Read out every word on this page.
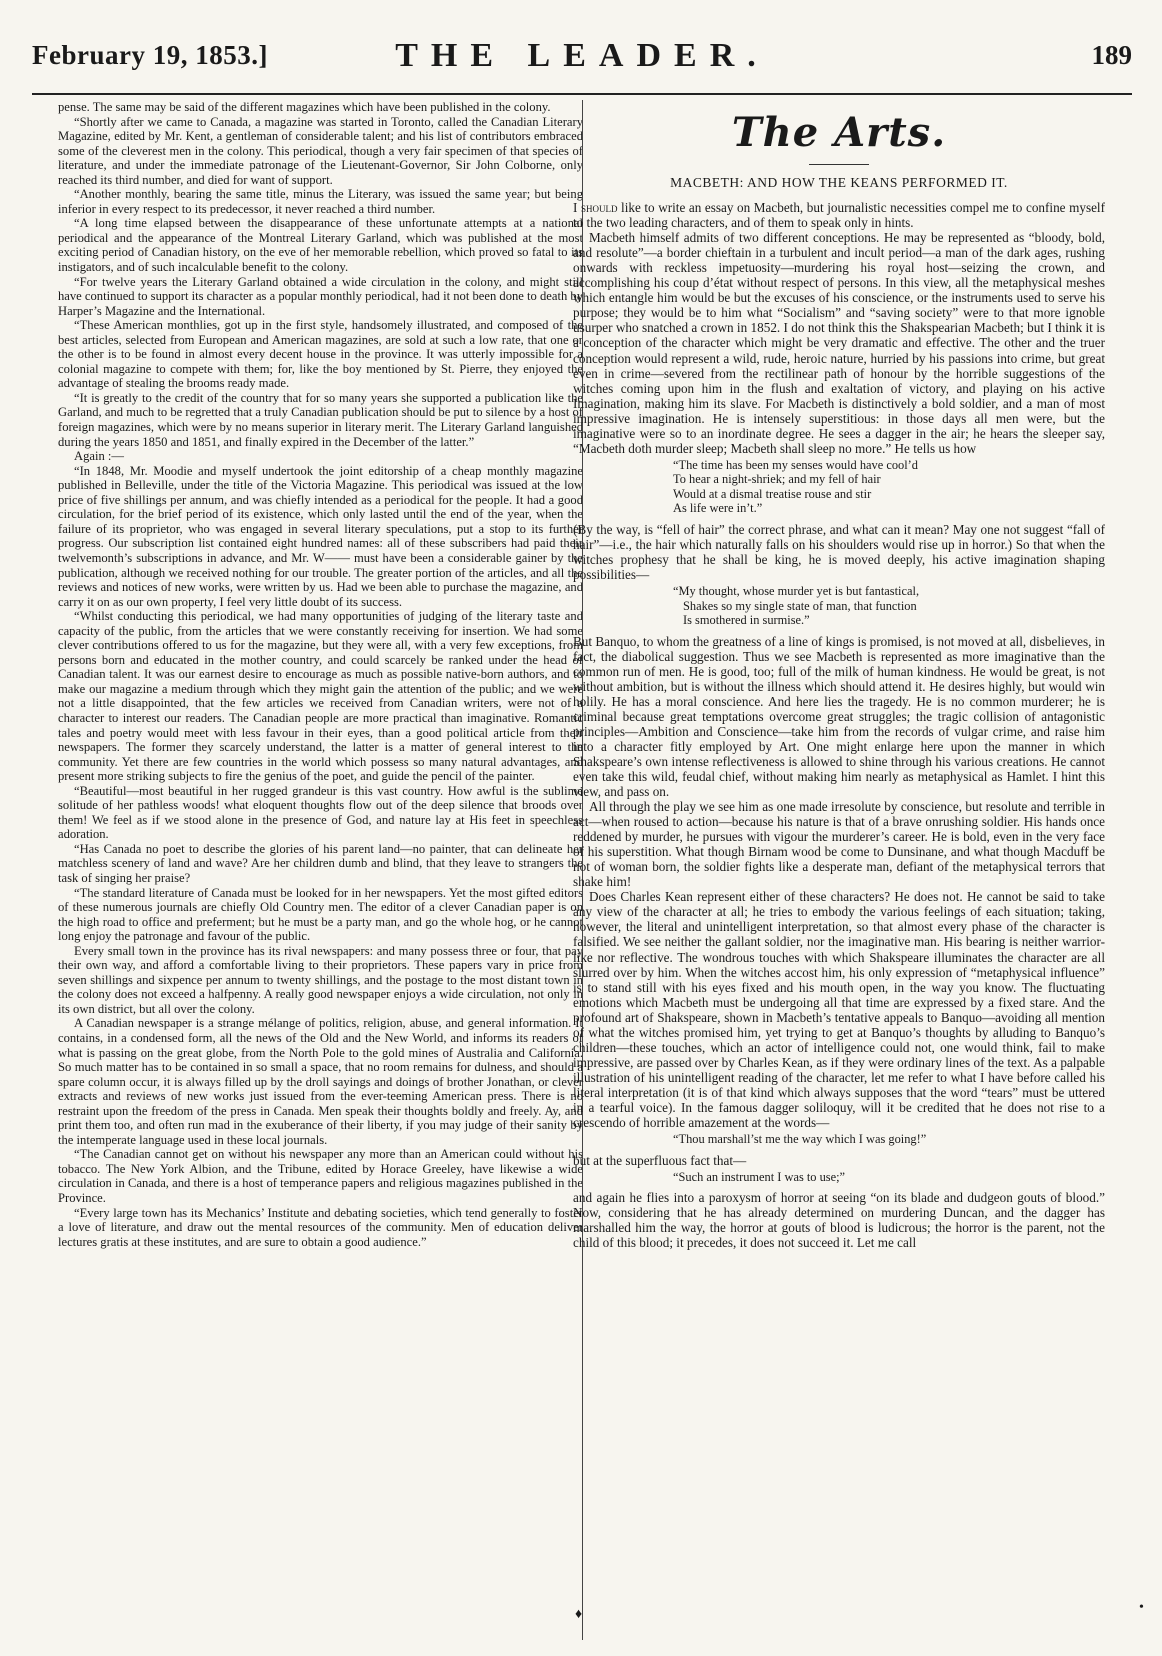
February 19, 1853.]	THE LEADER.	189

pense. The same may be said of the different magazines which have been published in the colony.

“Shortly after we came to Canada, a magazine was started in Toronto, called the Canadian Literary Magazine, edited by Mr. Kent, a gentleman of considerable talent; and his list of contributors embraced some of the cleverest men in the colony. This periodical, though a very fair specimen of that species of literature, and under the immediate patronage of the Lieutenant-Governor, Sir John Colborne, only reached its third number, and died for want of support.

“Another monthly, bearing the same title, minus the Literary, was issued the same year; but being inferior in every respect to its predecessor, it never reached a third number.

“A long time elapsed between the disappearance of these unfortunate attempts at a national periodical and the appearance of the Montreal Literary Garland, which was published at the most exciting period of Canadian history, on the eve of her memorable rebellion, which proved so fatal to its instigators, and of such incalculable benefit to the colony.

“For twelve years the Literary Garland obtained a wide circulation in the colony, and might still have continued to support its character as a popular monthly periodical, had it not been done to death by Harper’s Magazine and the International.

“These American monthlies, got up in the first style, handsomely illustrated, and composed of the best articles, selected from European and American magazines, are sold at such a low rate, that one or the other is to be found in almost every decent house in the province. It was utterly impossible for a colonial magazine to compete with them; for, like the boy mentioned by St. Pierre, they enjoyed the advantage of stealing the brooms ready made.

“It is greatly to the credit of the country that for so many years she supported a publication like the Garland, and much to be regretted that a truly Canadian publication should be put to silence by a host of foreign magazines, which were by no means superior in literary merit. The Literary Garland languished during the years 1850 and 1851, and finally expired in the December of the latter.”

Again :—

“In 1848, Mr. Moodie and myself undertook the joint editorship of a cheap monthly magazine published in Belleville, under the title of the Victoria Magazine. This periodical was issued at the low price of five shillings per annum, and was chiefly intended as a periodical for the people. It had a good circulation, for the brief period of its existence, which only lasted until the end of the year, when the failure of its proprietor, who was engaged in several literary speculations, put a stop to its further progress. Our subscription list contained eight hundred names: all of these subscribers had paid their twelvemonth’s subscriptions in advance, and Mr. W—— must have been a considerable gainer by the publication, although we received nothing for our trouble. The greater portion of the articles, and all the reviews and notices of new works, were written by us. Had we been able to purchase the magazine, and carry it on as our own property, I feel very little doubt of its success.

“Whilst conducting this periodical, we had many opportunities of judging of the literary taste and capacity of the public, from the articles that we were constantly receiving for insertion. We had some clever contributions offered to us for the magazine, but they were all, with a very few exceptions, from persons born and educated in the mother country, and could scarcely be ranked under the head of Canadian talent. It was our earnest desire to encourage as much as possible native-born authors, and to make our magazine a medium through which they might gain the attention of the public; and we were not a little disappointed, that the few articles we received from Canadian writers, were not of a character to interest our readers. The Canadian people are more practical than imaginative. Romantic tales and poetry would meet with less favour in their eyes, than a good political article from their newspapers. The former they scarcely understand, the latter is a matter of general interest to the community. Yet there are few countries in the world which possess so many natural advantages, and present more striking subjects to fire the genius of the poet, and guide the pencil of the painter.

“Beautiful—most beautiful in her rugged grandeur is this vast country. How awful is the sublime solitude of her pathless woods! what eloquent thoughts flow out of the deep silence that broods over them! We feel as if we stood alone in the presence of God, and nature lay at His feet in speechless adoration.

“Has Canada no poet to describe the glories of his parent land—no painter, that can delineate her matchless scenery of land and wave? Are her children dumb and blind, that they leave to strangers the task of singing her praise?

“The standard literature of Canada must be looked for in her newspapers. Yet the most gifted editors of these numerous journals are chiefly Old Country men. The editor of a clever Canadian paper is on the high road to office and preferment; but he must be a party man, and go the whole hog, or he cannot long enjoy the patronage and favour of the public.

Every small town in the province has its rival newspapers: and many possess three or four, that pay their own way, and afford a comfortable living to their proprietors. These papers vary in price from seven shillings and sixpence per annum to twenty shillings, and the postage to the most distant town in the colony does not exceed a halfpenny. A really good newspaper enjoys a wide circulation, not only in its own district, but all over the colony.

A Canadian newspaper is a strange mélange of politics, religion, abuse, and general information. It contains, in a condensed form, all the news of the Old and the New World, and informs its readers of what is passing on the great globe, from the North Pole to the gold mines of Australia and California. So much matter has to be contained in so small a space, that no room remains for dulness, and should a spare column occur, it is always filled up by the droll sayings and doings of brother Jonathan, or clever extracts and reviews of new works just issued from the ever-teeming American press. There is no restraint upon the freedom of the press in Canada. Men speak their thoughts boldly and freely. Ay, and print them too, and often run mad in the exuberance of their liberty, if you may judge of their sanity by the intemperate language used in these local journals.

“The Canadian cannot get on without his newspaper any more than an American could without his tobacco. The New York Albion, and the Tribune, edited by Horace Greeley, have likewise a wide circulation in Canada, and there is a host of temperance papers and religious magazines published in the Province.

“Every large town has its Mechanics’ Institute and debating societies, which tend generally to foster a love of literature, and draw out the mental resources of the community. Men of education deliver lectures gratis at these institutes, and are sure to obtain a good audience.”

The Arts.
MACBETH: AND HOW THE KEANS PERFORMED IT.

I should like to write an essay on Macbeth, but journalistic necessities compel me to confine myself to the two leading characters, and of them to speak only in hints.

Macbeth himself admits of two different conceptions. He may be represented as “bloody, bold, and resolute”—a border chieftain in a turbulent and incult period—a man of the dark ages, rushing onwards with reckless impetuosity—murdering his royal host—seizing the crown, and accomplishing his coup d’état without respect of persons. In this view, all the metaphysical meshes which entangle him would be but the excuses of his conscience, or the instruments used to serve his purpose; they would be to him what “Socialism” and “saving society” were to that more ignoble usurper who snatched a crown in 1852. I do not think this the Shakspearian Macbeth; but I think it is a conception of the character which might be very dramatic and effective. The other and the truer conception would represent a wild, rude, heroic nature, hurried by his passions into crime, but great even in crime—severed from the rectilinear path of honour by the horrible suggestions of the witches coming upon him in the flush and exaltation of victory, and playing on his active Imagination, making him its slave. For Macbeth is distinctively a bold soldier, and a man of most impressive imagination. He is intensely superstitious: in those days all men were, but the imaginative were so to an inordinate degree. He sees a dagger in the air; he hears the sleeper say, “Macbeth doth murder sleep; Macbeth shall sleep no more.” He tells us how

“The time has been my senses would have cool’d
To hear a night-shriek; and my fell of hair
Would at a dismal treatise rouse and stir
As life were in’t.”

(By the way, is “fell of hair” the correct phrase, and what can it mean? May one not suggest “fall of hair”—i.e., the hair which naturally falls on his shoulders would rise up in horror.) So that when the witches prophesy that he shall be king, he is moved deeply, his active imagination shaping possibilities—

“My thought, whose murder yet is but fantastical,
Shakes so my single state of man, that function
Is smothered in surmise.”

But Banquo, to whom the greatness of a line of kings is promised, is not moved at all, disbelieves, in fact, the diabolical suggestion. Thus we see Macbeth is represented as more imaginative than the common run of men. He is good, too; full of the milk of human kindness. He would be great, is not without ambition, but is without the illness which should attend it. He desires highly, but would win holily. He has a moral conscience. And here lies the tragedy. He is no common murderer; he is criminal because great temptations overcome great struggles; the tragic collision of antagonistic principles—Ambition and Conscience—take him from the records of vulgar crime, and raise him into a character fitly employed by Art. One might enlarge here upon the manner in which Shakspeare’s own intense reflectiveness is allowed to shine through his various creations. He cannot even take this wild, feudal chief, without making him nearly as metaphysical as Hamlet. I hint this view, and pass on.

All through the play we see him as one made irresolute by conscience, but resolute and terrible in act—when roused to action—because his nature is that of a brave onrushing soldier. His hands once reddened by murder, he pursues with vigour the murderer’s career. He is bold, even in the very face of his superstition. What though Birnam wood be come to Dunsinane, and what though Macduff be not of woman born, the soldier fights like a desperate man, defiant of the metaphysical terrors that shake him!

Does Charles Kean represent either of these characters? He does not. He cannot be said to take any view of the character at all; he tries to embody the various feelings of each situation; taking, however, the literal and unintelligent interpretation, so that almost every phase of the character is falsified. We see neither the gallant soldier, nor the imaginative man. His bearing is neither warrior-like nor reflective. The wondrous touches with which Shakspeare illuminates the character are all slurred over by him. When the witches accost him, his only expression of “metaphysical influence” is to stand still with his eyes fixed and his mouth open, in the way you know. The fluctuating emotions which Macbeth must be undergoing all that time are expressed by a fixed stare. And the profound art of Shakspeare, shown in Macbeth’s tentative appeals to Banquo—avoiding all mention of what the witches promised him, yet trying to get at Banquo’s thoughts by alluding to Banquo’s children—these touches, which an actor of intelligence could not, one would think, fail to make impressive, are passed over by Charles Kean, as if they were ordinary lines of the text. As a palpable illustration of his unintelligent reading of the character, let me refer to what I have before called his literal interpretation (it is of that kind which always supposes that the word “tears” must be uttered in a tearful voice). In the famous dagger soliloquy, will it be credited that he does not rise to a crescendo of horrible amazement at the words—

“Thou marshall’st me the way which I was going!”

but at the superfluous fact that—

“Such an instrument I was to use;”

and again he flies into a paroxysm of horror at seeing “on its blade and dudgeon gouts of blood.” Now, considering that he has already determined on murdering Duncan, and the dagger has marshalled him the way, the horror at gouts of blood is ludicrous; the horror is the parent, not the child of this blood; it precedes, it does not succeed it. Let me call

♦	•
